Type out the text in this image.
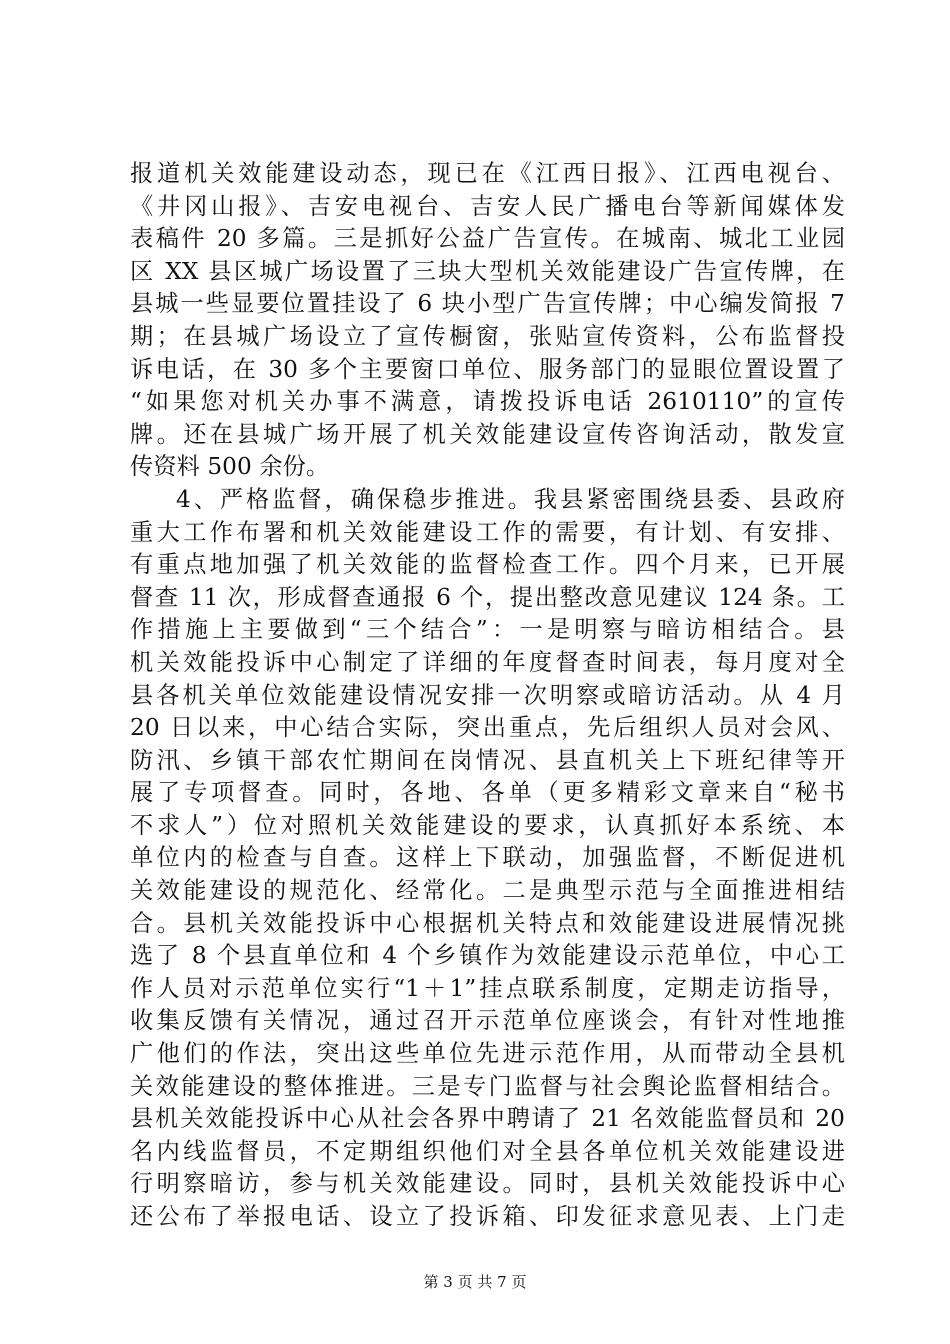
报道机关效能建设动态，现已在《江西日报》、江西电视台、
《井冈山报》、吉安电视台、吉安人民广播电台等新闻媒体发
表稿件 20 多篇。三是抓好公益广告宣传。在城南、城北工业园
区 XX 县区城广场设置了三块大型机关效能建设广告宣传牌，在
县城一些显要位置挂设了 6 块小型广告宣传牌；中心编发简报 7
期；在县城广场设立了宣传橱窗，张贴宣传资料，公布监督投
诉电话，在 30 多个主要窗口单位、服务部门的显眼位置设置了
“如果您对机关办事不满意，请拨投诉电话 2610110”的宣传
牌。还在县城广场开展了机关效能建设宣传咨询活动，散发宣
传资料 500 余份。
4、严格监督，确保稳步推进。我县紧密围绕县委、县政府
重大工作布署和机关效能建设工作的需要，有计划、有安排、
有重点地加强了机关效能的监督检查工作。四个月来，已开展
督查 11 次，形成督查通报 6 个，提出整改意见建议 124 条。工
作措施上主要做到“三个结合”：一是明察与暗访相结合。县
机关效能投诉中心制定了详细的年度督查时间表，每月度对全
县各机关单位效能建设情况安排一次明察或暗访活动。从 4 月
20 日以来，中心结合实际，突出重点，先后组织人员对会风、
防汛、乡镇干部农忙期间在岗情况、县直机关上下班纪律等开
展了专项督查。同时，各地、各单（更多精彩文章来自“秘书
不求人”）位对照机关效能建设的要求，认真抓好本系统、本
单位内的检查与自查。这样上下联动，加强监督，不断促进机
关效能建设的规范化、经常化。二是典型示范与全面推进相结
合。县机关效能投诉中心根据机关特点和效能建设进展情况挑
选了 8 个县直单位和 4 个乡镇作为效能建设示范单位，中心工
作人员对示范单位实行“1＋1”挂点联系制度，定期走访指导，
收集反馈有关情况，通过召开示范单位座谈会，有针对性地推
广他们的作法，突出这些单位先进示范作用，从而带动全县机
关效能建设的整体推进。三是专门监督与社会舆论监督相结合。
县机关效能投诉中心从社会各界中聘请了 21 名效能监督员和 20
名内线监督员，不定期组织他们对全县各单位机关效能建设进
行明察暗访，参与机关效能建设。同时，县机关效能投诉中心
还公布了举报电话、设立了投诉箱、印发征求意见表、上门走
第 3 页 共 7 页
